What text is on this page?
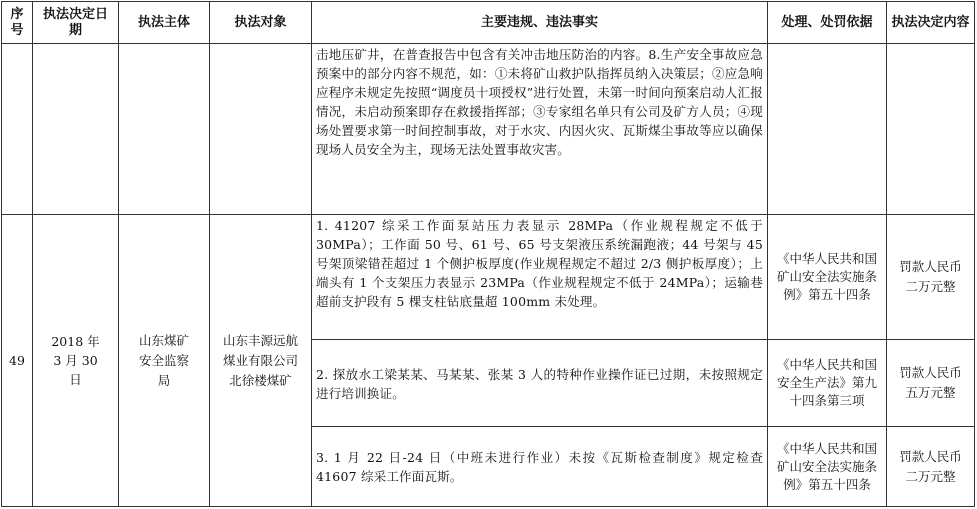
序号	执法决定日期	执法主体	执法对象	主要违规、违法事实	处理、处罚依据	执法决定内容
				击地压矿井，在普查报告中包含有关冲击地压防治的内容。8.生产安全事故应急预案中的部分内容不规范，如：①未将矿山救护队指挥员纳入决策层；②应急响应程序未规定先按照“调度员十项授权”进行处置，未第一时间向预案启动人汇报情况，未启动预案即存在救援指挥部；③专家组名单只有公司及矿方人员；④现场处置要求第一时间控制事故，对于水灾、内因火灾、瓦斯煤尘事故等应以确保现场人员安全为主，现场无法处置事故灾害。		
49	2018 年 3 月 30 日	山东煤矿安全监察局	山东丰源远航煤业有限公司北徐楼煤矿	1. 41207 综采工作面泵站压力表显示 28MPa（作业规程规定不低于 30MPa）；工作面 50 号、61 号、65 号支架液压系统漏跑液；44 号架与 45 号架顶梁错茬超过 1 个侧护板厚度(作业规程规定不超过 2/3 侧护板厚度）；上端头有 1 个支架压力表显示 23MPa（作业规程规定不低于 24MPa）；运输巷超前支护段有 5 棵支柱钻底量超 100mm 未处理。	《中华人民共和国矿山安全法实施条例》第五十四条	罚款人民币二万元整
				2. 探放水工梁某某、马某某、张某 3 人的特种作业操作证已过期，未按照规定进行培训换证。	《中华人民共和国安全生产法》第九十四条第三项	罚款人民币五万元整
				3. 1 月 22 日-24 日（中班未进行作业）未按《瓦斯检查制度》规定检查 41607 综采工作面瓦斯。	《中华人民共和国矿山安全法实施条例》第五十四条	罚款人民币二万元整
